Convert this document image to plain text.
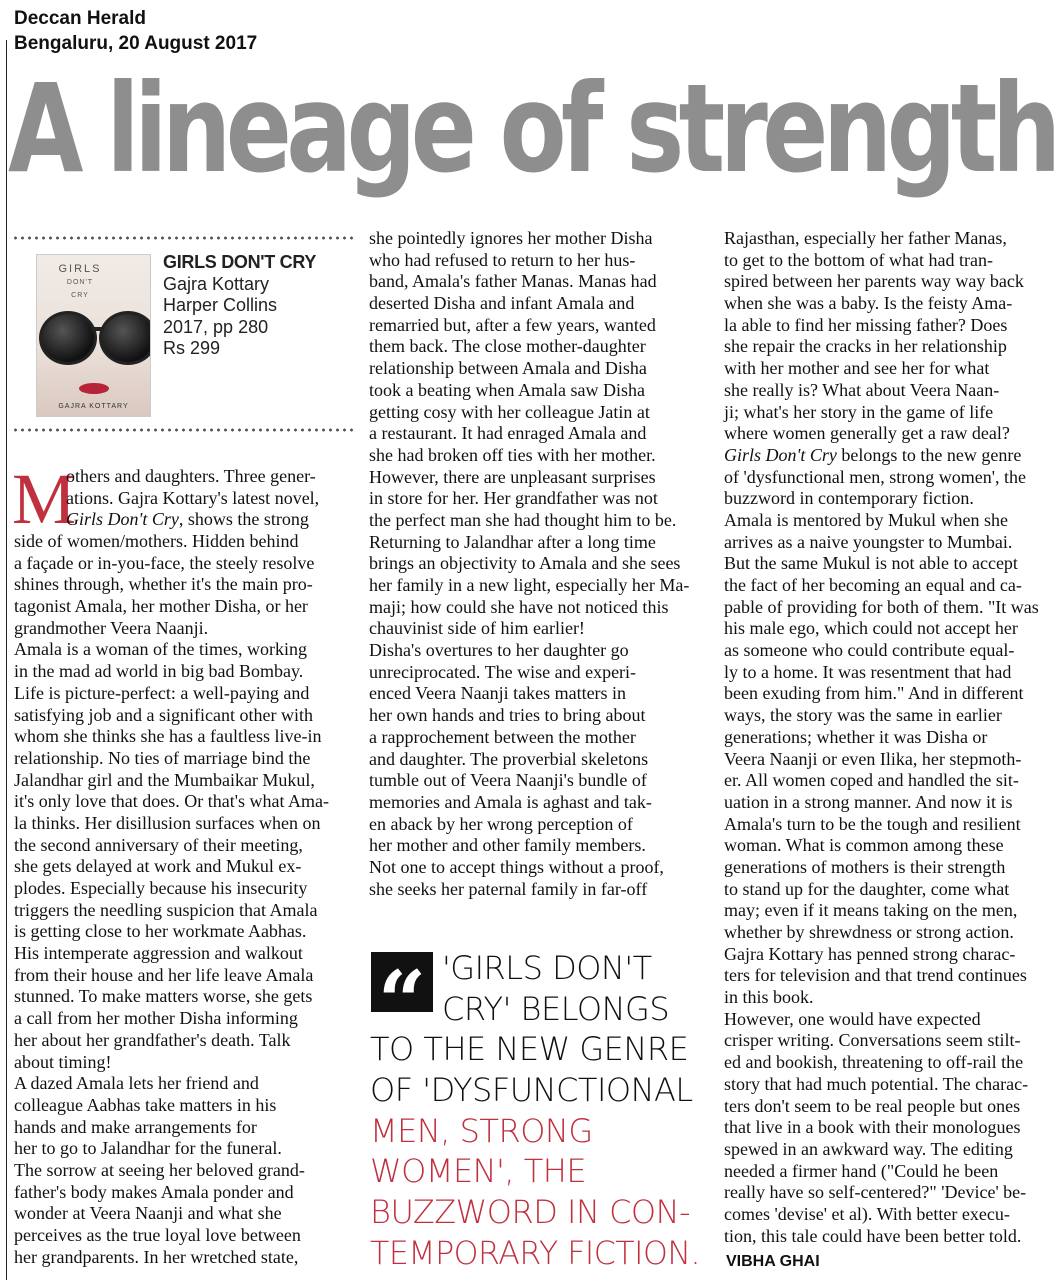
Deccan Herald
Bengaluru, 20 August 2017
A lineage of strength
GIRLS
DON'T
CRY
GAJRA KOTTARY
GIRLS DON'T CRY
Gajra Kottary
Harper Collins
2017, pp 280
Rs 299
M
others and daughters. Three gener-
ations. Gajra Kottary's latest novel,
Girls Don't Cry, shows the strong
side of women/mothers. Hidden behind
a façade or in-you-face, the steely resolve
shines through, whether it's the main pro-
tagonist Amala, her mother Disha, or her
grandmother Veera Naanji.
Amala is a woman of the times, working
in the mad ad world in big bad Bombay.
Life is picture-perfect: a well-paying and
satisfying job and a significant other with
whom she thinks she has a faultless live-in
relationship. No ties of marriage bind the
Jalandhar girl and the Mumbaikar Mukul,
it's only love that does. Or that's what Ama-
la thinks. Her disillusion surfaces when on
the second anniversary of their meeting,
she gets delayed at work and Mukul ex-
plodes. Especially because his insecurity
triggers the needling suspicion that Amala
is getting close to her workmate Aabhas.
His intemperate aggression and walkout
from their house and her life leave Amala
stunned. To make matters worse, she gets
a call from her mother Disha informing
her about her grandfather's death. Talk
about timing!
A dazed Amala lets her friend and
colleague Aabhas take matters in his
hands and make arrangements for
her to go to Jalandhar for the funeral.
The sorrow at seeing her beloved grand-
father's body makes Amala ponder and
wonder at Veera Naanji and what she
perceives as the true loyal love between
her grandparents. In her wretched state,
she pointedly ignores her mother Disha
who had refused to return to her hus-
band, Amala's father Manas. Manas had
deserted Disha and infant Amala and
remarried but, after a few years, wanted
them back. The close mother-daughter
relationship between Amala and Disha
took a beating when Amala saw Disha
getting cosy with her colleague Jatin at
a restaurant. It had enraged Amala and
she had broken off ties with her mother.
However, there are unpleasant surprises
in store for her. Her grandfather was not
the perfect man she had thought him to be.
Returning to Jalandhar after a long time
brings an objectivity to Amala and she sees
her family in a new light, especially her Ma-
maji; how could she have not noticed this
chauvinist side of him earlier!
Disha's overtures to her daughter go
unreciprocated. The wise and experi-
enced Veera Naanji takes matters in
her own hands and tries to bring about
a rapprochement between the mother
and daughter. The proverbial skeletons
tumble out of Veera Naanji's bundle of
memories and Amala is aghast and tak-
en aback by her wrong perception of
her mother and other family members.
Not one to accept things without a proof,
she seeks her paternal family in far-off
Rajasthan, especially her father Manas,
to get to the bottom of what had tran-
spired between her parents way way back
when she was a baby. Is the feisty Ama-
la able to find her missing father? Does
she repair the cracks in her relationship
with her mother and see her for what
she really is? What about Veera Naan-
ji; what's her story in the game of life
where women generally get a raw deal?
Girls Don't Cry belongs to the new genre
of 'dysfunctional men, strong women', the
buzzword in contemporary fiction.
Amala is mentored by Mukul when she
arrives as a naive youngster to Mumbai.
But the same Mukul is not able to accept
the fact of her becoming an equal and ca-
pable of providing for both of them. "It was
his male ego, which could not accept her
as someone who could contribute equal-
ly to a home. It was resentment that had
been exuding from him." And in different
ways, the story was the same in earlier
generations; whether it was Disha or
Veera Naanji or even Ilika, her stepmoth-
er. All women coped and handled the sit-
uation in a strong manner. And now it is
Amala's turn to be the tough and resilient
woman. What is common among these
generations of mothers is their strength
to stand up for the daughter, come what
may; even if it means taking on the men,
whether by shrewdness or strong action.
Gajra Kottary has penned strong charac-
ters for television and that trend continues
in this book.
However, one would have expected
crisper writing. Conversations seem stilt-
ed and bookish, threatening to off-rail the
story that had much potential. The charac-
ters don't seem to be real people but ones
that live in a book with their monologues
spewed in an awkward way. The editing
needed a firmer hand ("Could he been
really have so self-centered?" 'Device' be-
comes 'devise' et al). With better execu-
tion, this tale could have been better told.
“ 'GIRLS DON'T
CRY' BELONGS
TO THE NEW GENRE
OF 'DYSFUNCTIONAL
MEN, STRONG
WOMEN', THE
BUZZWORD IN CON-
TEMPORARY FICTION. VIBHA GHAI
